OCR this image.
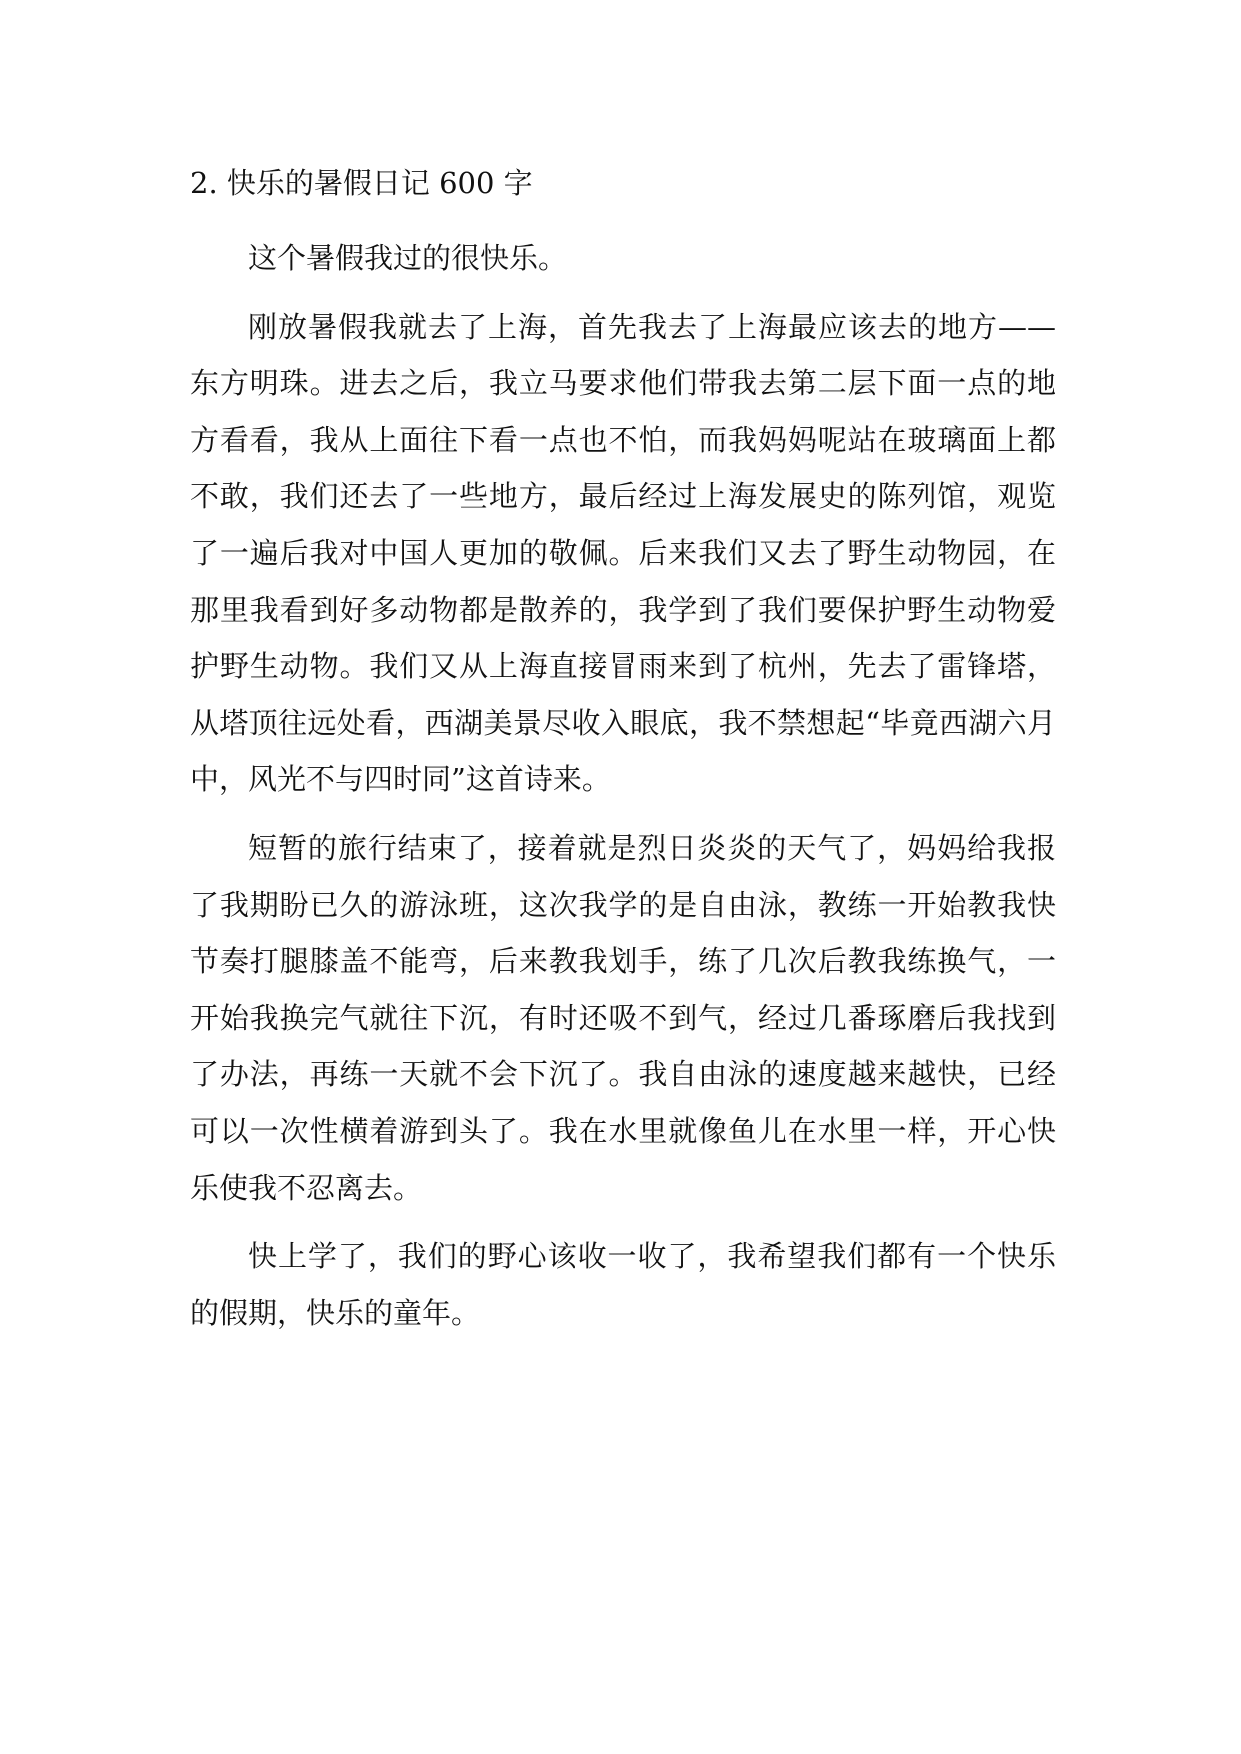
2. 快乐的暑假日记 600 字

这个暑假我过的很快乐。

刚放暑假我就去了上海，首先我去了上海最应该去的地方——东方明珠。进去之后，我立马要求他们带我去第二层下面一点的地方看看，我从上面往下看一点也不怕，而我妈妈呢站在玻璃面上都不敢，我们还去了一些地方，最后经过上海发展史的陈列馆，观览了一遍后我对中国人更加的敬佩。后来我们又去了野生动物园，在那里我看到好多动物都是散养的，我学到了我们要保护野生动物爱护野生动物。我们又从上海直接冒雨来到了杭州，先去了雷锋塔，从塔顶往远处看，西湖美景尽收入眼底，我不禁想起“毕竟西湖六月中，风光不与四时同”这首诗来。

短暂的旅行结束了，接着就是烈日炎炎的天气了，妈妈给我报了我期盼已久的游泳班，这次我学的是自由泳，教练一开始教我快节奏打腿膝盖不能弯，后来教我划手，练了几次后教我练换气，一开始我换完气就往下沉，有时还吸不到气，经过几番琢磨后我找到了办法，再练一天就不会下沉了。我自由泳的速度越来越快，已经可以一次性横着游到头了。我在水里就像鱼儿在水里一样，开心快乐使我不忍离去。

快上学了，我们的野心该收一收了，我希望我们都有一个快乐的假期，快乐的童年。
